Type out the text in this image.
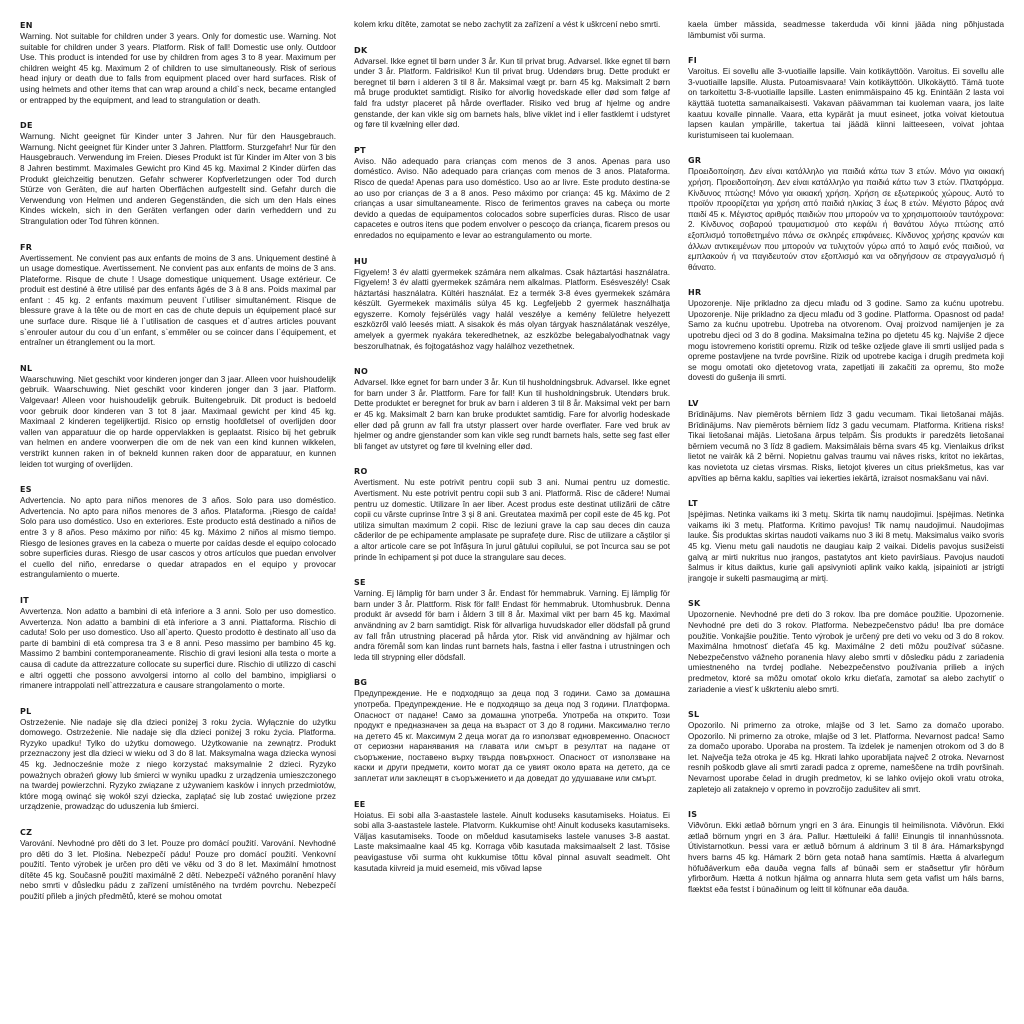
EN
Warning. Not suitable for children under 3 years. Only for domestic use. Warning. Not suitable for children under 3 years. Platform. Risk of fall! Domestic use only. Outdoor Use. This product is intended for use by children from ages 3 to 8 year. Maximum per children weight 45 kg. Maximum 2 of children to use simultaneously. Risk of serious head injury or death due to falls from equipment placed over hard surfaces. Risk of using helmets and other items that can wrap around a child`s neck, became entangled or entrapped by the equipment, and lead to strangulation or death.
DE
Warnung. Nicht geeignet für Kinder unter 3 Jahren. Nur für den Hausgebrauch. Warnung. Nicht geeignet für Kinder unter 3 Jahren. Plattform. Sturzgefahr! Nur für den Hausgebrauch. Verwendung im Freien. Dieses Produkt ist für Kinder im Alter von 3 bis 8 Jahren bestimmt. Maximales Gewicht pro Kind 45 kg. Maximal 2 Kinder dürfen das Produkt gleichzeitig benutzen. Gefahr schwerer Kopfverletzungen oder Tod durch Stürze von Geräten, die auf harten Oberflächen aufgestellt sind. Gefahr durch die Verwendung von Helmen und anderen Gegenständen, die sich um den Hals eines Kindes wickeln, sich in den Geräten verfangen oder darin verheddern und zu Strangulation oder Tod führen können.
FR
Avertissement. Ne convient pas aux enfants de moins de 3 ans. Uniquement destiné à un usage domestique. Avertissement. Ne convient pas aux enfants de moins de 3 ans. Plateforme. Risque de chute ! Usage domestique uniquement. Usage extérieur. Ce produit est destiné à être utilisé par des enfants âgés de 3 à 8 ans. Poids maximal par enfant : 45 kg. 2 enfants maximum peuvent l`utiliser simultanément. Risque de blessure grave à la tête ou de mort en cas de chute depuis un équipement placé sur une surface dure. Risque lié à l`utilisation de casques et d`autres articles pouvant s`enrouler autour du cou d`un enfant, s`emmêler ou se coincer dans l`équipement, et entraîner un étranglement ou la mort.
NL
Waarschuwing. Niet geschikt voor kinderen jonger dan 3 jaar. Alleen voor huishoudelijk gebruik. Waarschuwing. Niet geschikt voor kinderen jonger dan 3 jaar. Platform. Valgevaar! Alleen voor huishoudelijk gebruik. Buitengebruik. Dit product is bedoeld voor gebruik door kinderen van 3 tot 8 jaar. Maximaal gewicht per kind 45 kg. Maximaal 2 kinderen tegelijkertijd. Risico op ernstig hoofdletsel of overlijden door vallen van apparatuur die op harde oppervlakken is geplaatst. Risico bij het gebruik van helmen en andere voorwerpen die om de nek van een kind kunnen wikkelen, verstrikt kunnen raken in of bekneld kunnen raken door de apparatuur, en kunnen leiden tot wurging of overlijden.
ES
Advertencia. No apto para niños menores de 3 años. Solo para uso doméstico. Advertencia. No apto para niños menores de 3 años. Plataforma. ¡Riesgo de caída! Solo para uso doméstico. Uso en exteriores. Este producto está destinado a niños de entre 3 y 8 años. Peso máximo por niño: 45 kg. Máximo 2 niños al mismo tiempo. Riesgo de lesiones graves en la cabeza o muerte por caídas desde el equipo colocado sobre superficies duras. Riesgo de usar cascos y otros artículos que puedan envolver el cuello del niño, enredarse o quedar atrapados en el equipo y provocar estrangulamiento o muerte.
IT
Avvertenza. Non adatto a bambini di età inferiore a 3 anni. Solo per uso domestico. Avvertenza. Non adatto a bambini di età inferiore a 3 anni. Piattaforma. Rischio di caduta! Solo per uso domestico. Uso all`aperto. Questo prodotto è destinato all`uso da parte di bambini di età compresa tra 3 e 8 anni. Peso massimo per bambino 45 kg. Massimo 2 bambini contemporaneamente. Rischio di gravi lesioni alla testa o morte a causa di cadute da attrezzature collocate su superfici dure. Rischio di utilizzo di caschi e altri oggetti che possono avvolgersi intorno al collo del bambino, impigliarsi o rimanere intrappolati nell`attrezzatura e causare strangolamento o morte.
PL
Ostrzeżenie. Nie nadaje się dla dzieci poniżej 3 roku życia. Wyłącznie do użytku domowego. Ostrzeżenie. Nie nadaje się dla dzieci poniżej 3 roku życia. Platforma. Ryzyko upadku! Tylko do użytku domowego. Użytkowanie na zewnątrz. Produkt przeznaczony jest dla dzieci w wieku od 3 do 8 lat. Maksymalna waga dziecka wynosi 45 kg. Jednocześnie może z niego korzystać maksymalnie 2 dzieci. Ryzyko poważnych obrażeń głowy lub śmierci w wyniku upadku z urządzenia umieszczonego na twardej powierzchni. Ryzyko związane z używaniem kasków i innych przedmiotów, które mogą owinąć się wokół szyi dziecka, zaplątać się lub zostać uwięzione przez urządzenie, prowadząc do uduszenia lub śmierci.
CZ
Varování. Nevhodné pro děti do 3 let. Pouze pro domácí použití. Varování. Nevhodné pro děti do 3 let. Plošina. Nebezpečí pádu! Pouze pro domácí použití. Venkovní použití. Tento výrobek je určen pro děti ve věku od 3 do 8 let. Maximální hmotnost dítěte 45 kg. Současně použití maximálně 2 dětí. Nebezpečí vážného poranění hlavy nebo smrti v důsledku pádu z zařízení umístěného na tvrdém povrchu. Nebezpečí použití přileb a jiných předmětů, které se mohou omotat
kolem krku dítěte, zamotat se nebo zachytit za zařízení a vést k uškrcení nebo smrti.
DK
Advarsel. Ikke egnet til børn under 3 år. Kun til privat brug. Advarsel. Ikke egnet til børn under 3 år. Platform. Faldrisiko! Kun til privat brug. Udendørs brug. Dette produkt er beregnet til børn i alderen 3 til 8 år. Maksimal vægt pr. barn 45 kg. Maksimalt 2 børn må bruge produktet samtidigt. Risiko for alvorlig hovedskade eller død som følge af fald fra udstyr placeret på hårde overflader. Risiko ved brug af hjelme og andre genstande, der kan vikle sig om barnets hals, blive viklet ind i eller fastklemt i udstyret og føre til kvælning eller død.
PT
Aviso. Não adequado para crianças com menos de 3 anos. Apenas para uso doméstico. Aviso. Não adequado para crianças com menos de 3 anos. Plataforma. Risco de queda! Apenas para uso doméstico. Uso ao ar livre. Este produto destina-se ao uso por crianças de 3 a 8 anos. Peso máximo por criança: 45 kg. Máximo de 2 crianças a usar simultaneamente. Risco de ferimentos graves na cabeça ou morte devido a quedas de equipamentos colocados sobre superfícies duras. Risco de usar capacetes e outros itens que podem envolver o pescoço da criança, ficarem presos ou enredados no equipamento e levar ao estrangulamento ou morte.
HU
Figyelem! 3 év alatti gyermekek számára nem alkalmas. Csak háztartási használatra. Figyelem! 3 év alatti gyermekek számára nem alkalmas. Platform. Esésveszély! Csak háztartási használatra. Kültéri használat. Ez a termék 3-8 éves gyermekek számára készült. Gyermekek maximális súlya 45 kg. Legfeljebb 2 gyermek használhatja egyszerre. Komoly fejsérülés vagy halál veszélye a kemény felületre helyezett eszközről való leesés miatt. A sisakok és más olyan tárgyak használatának veszélye, amelyek a gyermek nyakára tekeredhetnek, az eszközbe belegabalyodhatnak vagy beszorulhatnak, és fojtogatáshoz vagy halálhoz vezethetnek.
NO
Advarsel. Ikke egnet for barn under 3 år. Kun til husholdningsbruk. Advarsel. Ikke egnet for barn under 3 år. Plattform. Fare for fall! Kun til husholdningsbruk. Utendørs bruk. Dette produktet er beregnet for bruk av barn i alderen 3 til 8 år. Maksimal vekt per barn er 45 kg. Maksimalt 2 barn kan bruke produktet samtidig. Fare for alvorlig hodeskade eller død på grunn av fall fra utstyr plassert over harde overflater. Fare ved bruk av hjelmer og andre gjenstander som kan vikle seg rundt barnets hals, sette seg fast eller bli fanget av utstyret og føre til kvelning eller død.
RO
Avertisment. Nu este potrivit pentru copii sub 3 ani. Numai pentru uz domestic. Avertisment. Nu este potrivit pentru copii sub 3 ani. Platformă. Risc de cădere! Numai pentru uz domestic. Utilizare în aer liber. Acest produs este destinat utilizării de către copii cu vârste cuprinse între 3 și 8 ani. Greutatea maximă per copil este de 45 kg. Pot utiliza simultan maximum 2 copii. Risc de leziuni grave la cap sau deces din cauza căderilor de pe echipamente amplasate pe suprafețe dure. Risc de utilizare a căștilor și a altor articole care se pot înfășura în jurul gâtului copilului, se pot încurca sau se pot prinde în echipament și pot duce la strangulare sau deces.
SE
Varning. Ej lämplig för barn under 3 år. Endast för hemmabruk. Varning. Ej lämplig för barn under 3 år. Plattform. Risk för fall! Endast för hemmabruk. Utomhusbruk. Denna produkt är avsedd för barn i åldern 3 till 8 år. Maximal vikt per barn 45 kg. Maximal användning av 2 barn samtidigt. Risk för allvarliga huvudskador eller dödsfall på grund av fall från utrustning placerad på hårda ytor. Risk vid användning av hjälmar och andra föremål som kan lindas runt barnets hals, fastna i eller fastna i utrustningen och leda till strypning eller dödsfall.
BG
Предупреждение. Не е подходящо за деца под 3 години. Само за домашна употреба. Предупреждение. Не е подходящо за деца под 3 години. Платформа. Опасност от падане! Само за домашна употреба. Употреба на открито. Този продукт е предназначен за деца на възраст от 3 до 8 години. Максимално тегло на детето 45 кг. Максимум 2 деца могат да го използват едновременно. Опасност от сериозни наранявания на главата или смърт в резултат на падане от съоръжение, поставено върху твърда повърхност. Опасност от използване на каски и други предмети, които могат да се увият около врата на детето, да се заплетат или заклещят в съоръжението и да доведат до удушаване или смърт.
EE
Hoiatus. Ei sobi alla 3-aastastele lastele. Ainult koduseks kasutamiseks. Hoiatus. Ei sobi alla 3-aastastele lastele. Platvorm. Kukkumise oht! Ainult koduseks kasutamiseks. Väljas kasutamiseks. Toode on mõeldud kasutamiseks lastele vanuses 3-8 aastat. Laste maksimaalne kaal 45 kg. Korraga võib kasutada maksimaalselt 2 last. Tõsise peavigastuse või surma oht kukkumise tõttu kõval pinnal asuvalt seadmelt. Oht kasutada kiivreid ja muid esemeid, mis võivad lapse
kaela ümber mässida, seadmesse takerduda või kinni jääda ning põhjustada lämbumist või surma.
FI
Varoitus. Ei sovellu alle 3-vuotiaille lapsille. Vain kotikäyttöön. Varoitus. Ei sovellu alle 3-vuotiaille lapsille. Alusta. Putoamisvaara! Vain kotikäyttöön. Ulkokäyttö. Tämä tuote on tarkoitettu 3-8-vuotiaille lapsille. Lasten enimmäispaino 45 kg. Enintään 2 lasta voi käyttää tuotetta samanaikaisesti. Vakavan päävamman tai kuoleman vaara, jos laite kaatuu kovalle pinnalle. Vaara, etta kypärät ja muut esineet, jotka voivat kietoutua lapsen kaulan ympärille, takertua tai jäädä kiinni laitteeseen, voivat johtaa kuristumiseen tai kuolemaan.
GR
Προειδοποίηση. Δεν είναι κατάλληλο για παιδιά κάτω των 3 ετών. Μόνο για οικιακή χρήση. Προειδοποίηση. Δεν είναι κατάλληλο για παιδιά κάτω των 3 ετών. Πλατφόρμα. Κίνδυνος πτώσης! Μόνο για οικιακή χρήση. Χρήση σε εξωτερικούς χώρους. Αυτό το προϊόν προορίζεται για χρήση από παιδιά ηλικίας 3 έως 8 ετών. Μέγιστο βάρος ανά παιδί 45 κ. Μέγιστος αριθμός παιδιών που μπορούν να το χρησιμοποιούν ταυτόχρονα: 2. Κίνδυνος σοβαρού τραυματισμού στο κεφάλι ή θανάτου λόγω πτώσης από εξοπλισμό τοποθετημένο πάνω σε σκληρές επιφάνειες. Κίνδυνος χρήσης κρανών και άλλων αντικειμένων που μπορούν να τυλιχτούν γύρω από το λαιμό ενός παιδιού, να εμπλακούν ή να παγιδευτούν στον εξοπλισμό και να οδηγήσουν σε στραγγαλισμό ή θάνατο.
HR
Upozorenje. Nije prikladno za djecu mlađu od 3 godine. Samo za kućnu upotrebu. Upozorenje. Nije prikladno za djecu mlađu od 3 godine. Platforma. Opasnost od pada! Samo za kućnu upotrebu. Upotreba na otvorenom. Ovaj proizvod namijenjen je za upotrebu djeci od 3 do 8 godina. Maksimalna težina po djetetu 45 kg. Najviše 2 djece mogu istovremeno koristiti opremu. Rizik od teške ozljede glave ili smrti uslijed pada s opreme postavljene na tvrde površine. Rizik od upotrebe kaciga i drugih predmeta koji se mogu omotati oko djetetovog vrata, zapetljati ili zakačiti za opremu, što može dovesti do gušenja ili smrti.
LV
Brīdinājums. Nav piemērots bērniem līdz 3 gadu vecumam. Tikai lietošanai mājās. Brīdinājums. Nav piemērots bērniem līdz 3 gadu vecumam. Platforma. Kritiena risks! Tikai lietošanai mājās. Lietošana ārpus telpām. Šis produkts ir paredzēts lietošanai bērniem vecumā no 3 līdz 8 gadiem. Maksimālais bērna svars 45 kg. Vienlaikus drīkst lietot ne vairāk kā 2 bērni. Nopietnu galvas traumu vai nāves risks, kritot no iekārtas, kas novietota uz cietas virsmas. Risks, lietojot ķiveres un citus priekšmetus, kas var apvīties ap bērna kaklu, sapīties vai iekerties iekārtā, izraisot nosmakšanu vai nāvi.
LT
Įspėjimas. Netinka vaikams iki 3 metų. Skirta tik namų naudojimui. Įspėjimas. Netinka vaikams iki 3 metų. Platforma. Kritimo pavojus! Tik namų naudojimui. Naudojimas lauke. Šis produktas skirtas naudoti vaikams nuo 3 iki 8 metų. Maksimalus vaiko svoris 45 kg. Vienu metu gali naudotis ne daugiau kaip 2 vaikai. Didelis pavojus susižeisti galvą ar mirti nukritus nuo įrangos, pastatytos ant kieto paviršiaus. Pavojus naudoti šalmus ir kitus daiktus, kurie gali apsivynioti aplink vaiko kaklą, įsipainioti ar įstrigti įrangoje ir sukelti pasmaugimą ar mirtį.
SK
Upozornenie. Nevhodné pre deti do 3 rokov. Iba pre domáce použitie. Upozornenie. Nevhodné pre deti do 3 rokov. Platforma. Nebezpečenstvo pádu! Iba pre domáce použitie. Vonkajšie použitie. Tento výrobok je určený pre deti vo veku od 3 do 8 rokov. Maximálna hmotnosť dieťaťa 45 kg. Maximálne 2 deti môžu používať súčasne. Nebezpečenstvo vážneho poranenia hlavy alebo smrti v dôsledku pádu z zariadenia umiestneného na tvrdej podlahe. Nebezpečenstvo používania prilieb a iných predmetov, ktoré sa môžu omotať okolo krku dieťaťa, zamotať sa alebo zachytiť o zariadenie a viesť k uškrteniu alebo smrti.
SL
Opozorilo. Ni primerno za otroke, mlajše od 3 let. Samo za domačo uporabo. Opozorilo. Ni primerno za otroke, mlajše od 3 let. Platforma. Nevarnost padca! Samo za domačo uporabo. Uporaba na prostem. Ta izdelek je namenjen otrokom od 3 do 8 let. Največja teža otroka je 45 kg. Hkrati lahko uporabljata največ 2 otroka. Nevarnost resnih poškodb glave ali smrti zaradi padca z opreme, nameščene na trdih površinah. Nevarnost uporabe čelad in drugih predmetov, ki se lahko ovijejo okoli vratu otroka, zapletejo ali zataknejo v opremo in povzročijo zadušitev ali smrt.
IS
Viðvörun. Ekki ætlað börnum yngri en 3 ára. Einungis til heimilisnota. Viðvörun. Ekki ætlað börnum yngri en 3 ára. Pallur. Hættuleiki á falli! Einungis til innanhússnota. Útivistarnotkun. Þessi vara er ætluð börnum á aldrinum 3 til 8 ára. Hámarksþyngd hvers barns 45 kg. Hámark 2 börn geta notað hana samtímis. Hætta á alvarlegum höfuðáverkum eða dauða vegna falls af búnaði sem er staðsettur yfir hörðum yfirborðum. Hætta á notkun hjálma og annarra hluta sem geta vafist um háls barns, flæktst eða festst í búnaðinum og leitt til köfnunar eða dauða.
